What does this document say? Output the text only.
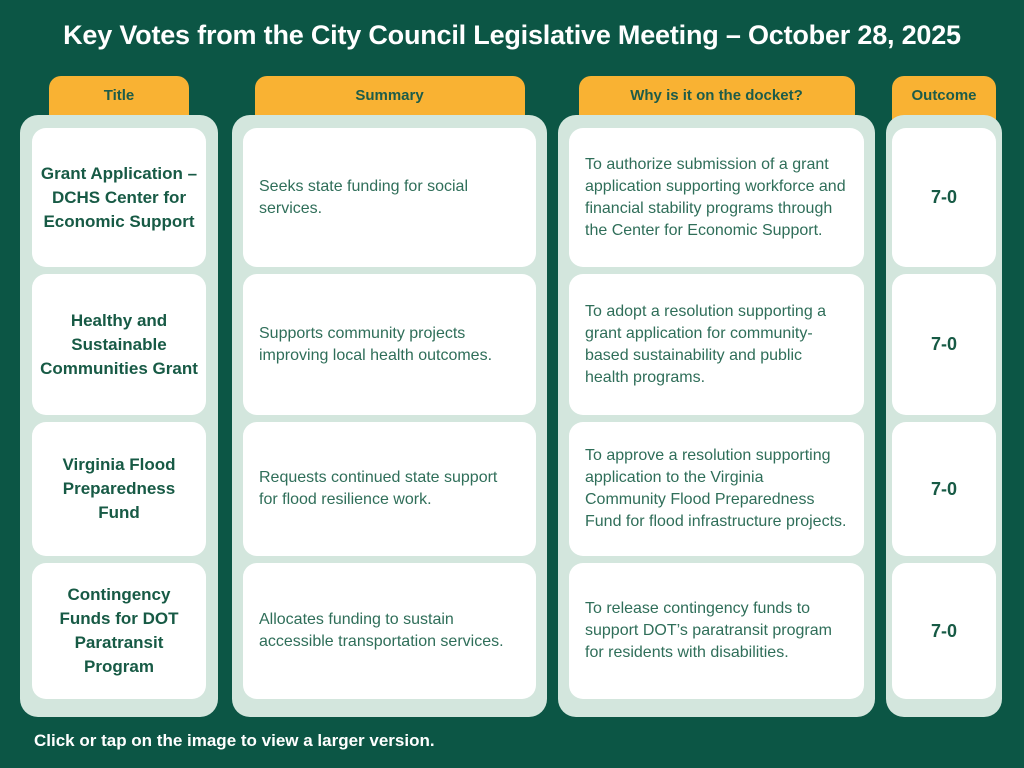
Key Votes from the City Council Legislative Meeting – October 28, 2025
Title
Grant Application – DCHS Center for Economic Support
Healthy and Sustainable Communities Grant
Virginia Flood Preparedness Fund
Contingency Funds for DOT Paratransit Program
Summary
Seeks state funding for social services.
Supports community projects improving local health outcomes.
Requests continued state support for flood resilience work.
Allocates funding to sustain accessible transportation services.
Why is it on the docket?
To authorize submission of a grant application supporting workforce and financial stability programs through the Center for Economic Support.
To adopt a resolution supporting a grant application for community-based sustainability and public health programs.
To approve a resolution supporting application to the Virginia Community Flood Preparedness Fund for flood infrastructure projects.
To release contingency funds to support DOT’s paratransit program for residents with disabilities.
Outcome
7-0
7-0
7-0
7-0
Click or tap on the image to view a larger version.
